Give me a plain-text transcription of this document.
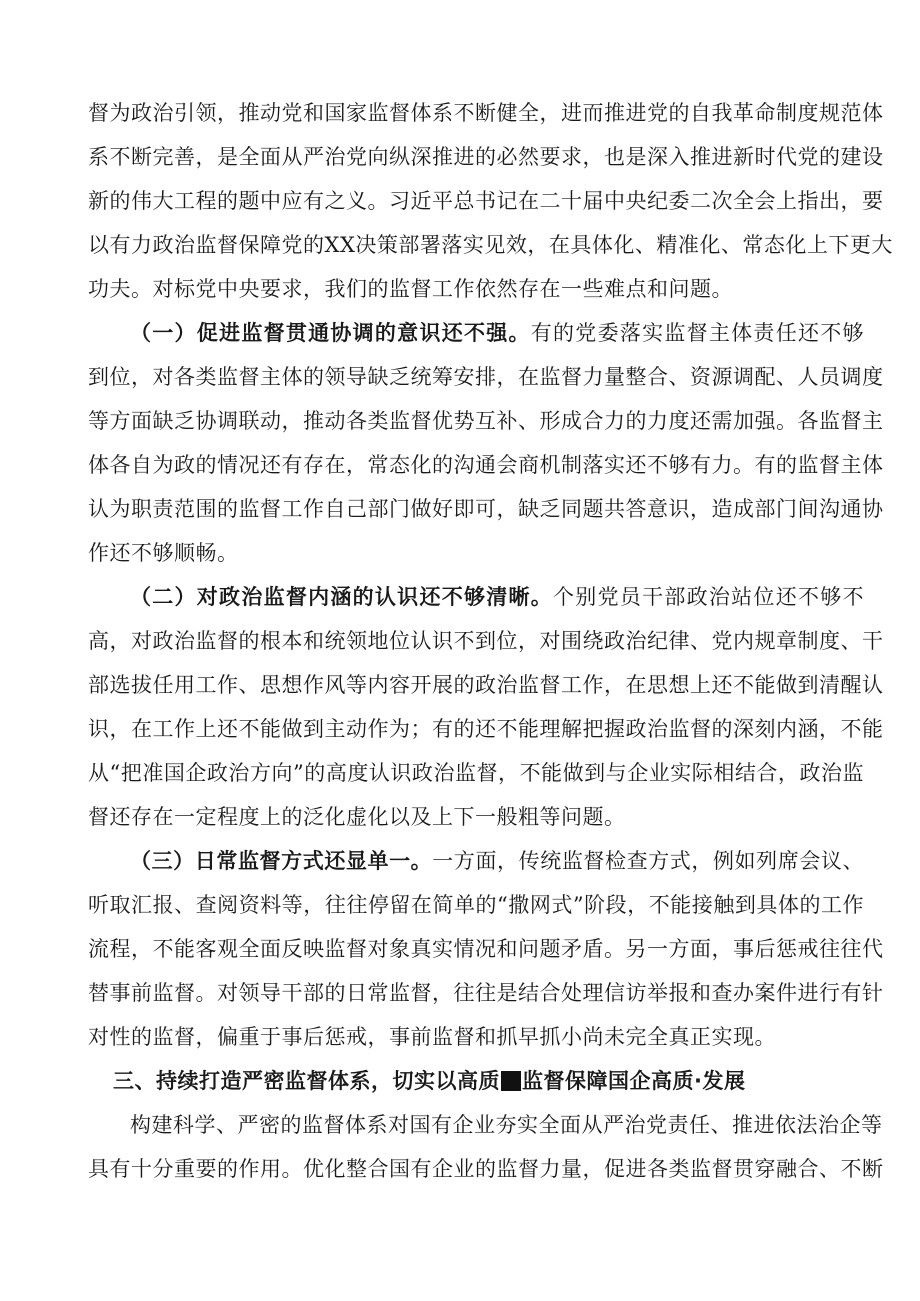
督为政治引领，推动党和国家监督体系不断健全，进而推进党的自我革命制度规范体
系不断完善，是全面从严治党向纵深推进的必然要求，也是深入推进新时代党的建设
新的伟大工程的题中应有之义。习近平总书记在二十届中央纪委二次全会上指出，要
以有力政治监督保障党的XX决策部署落实见效，在具体化、精准化、常态化上下更大
功夫。对标党中央要求，我们的监督工作依然存在一些难点和问题。
（一）促进监督贯通协调的意识还不强。有的党委落实监督主体责任还不够
到位，对各类监督主体的领导缺乏统筹安排，在监督力量整合、资源调配、人员调度
等方面缺乏协调联动，推动各类监督优势互补、形成合力的力度还需加强。各监督主
体各自为政的情况还有存在，常态化的沟通会商机制落实还不够有力。有的监督主体
认为职责范围的监督工作自己部门做好即可，缺乏同题共答意识，造成部门间沟通协
作还不够顺畅。
（二）对政治监督内涵的认识还不够清晰。个别党员干部政治站位还不够不
高，对政治监督的根本和统领地位认识不到位，对围绕政治纪律、党内规章制度、干
部选拔任用工作、思想作风等内容开展的政治监督工作，在思想上还不能做到清醒认
识，在工作上还不能做到主动作为；有的还不能理解把握政治监督的深刻内涵，不能
从“把准国企政治方向”的高度认识政治监督，不能做到与企业实际相结合，政治监
督还存在一定程度上的泛化虚化以及上下一般粗等问题。
（三）日常监督方式还显单一。一方面，传统监督检查方式，例如列席会议、
听取汇报、查阅资料等，往往停留在简单的“撒网式”阶段，不能接触到具体的工作
流程，不能客观全面反映监督对象真实情况和问题矛盾。另一方面，事后惩戒往往代
替事前监督。对领导干部的日常监督，往往是结合处理信访举报和查办案件进行有针
对性的监督，偏重于事后惩戒，事前监督和抓早抓小尚未完全真正实现。
三、持续打造严密监督体系，切实以高质 监督保障国企高质·发展
构建科学、严密的监督体系对国有企业夯实全面从严治党责任、推进依法治企等
具有十分重要的作用。优化整合国有企业的监督力量，促进各类监督贯穿融合、不断
